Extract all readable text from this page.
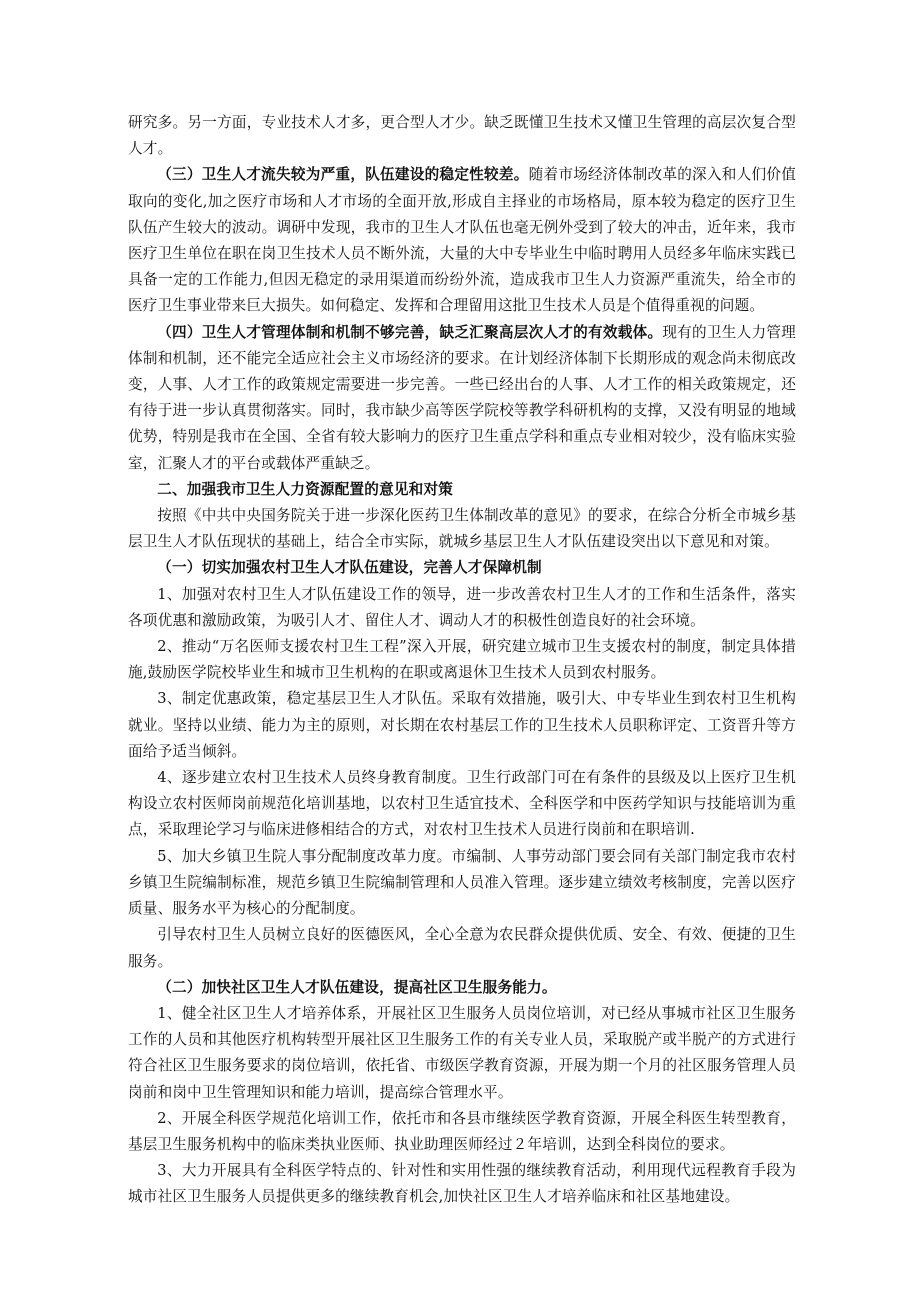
研究多。另一方面，专业技术人才多，更合型人才少。缺乏既懂卫生技术又懂卫生管理的高层次复合型人才。

（三）卫生人才流失较为严重，队伍建设的稳定性较差。随着市场经济体制改革的深入和人们价值取向的变化,加之医疗市场和人才市场的全面开放,形成自主择业的市场格局，原本较为稳定的医疗卫生队伍产生较大的波动。调研中发现，我市的卫生人才队伍也毫无例外受到了较大的冲击，近年来，我市医疗卫生单位在职在岗卫生技术人员不断外流，大量的大中专毕业生中临时聘用人员经多年临床实践已具备一定的工作能力,但因无稳定的录用渠道而纷纷外流，造成我市卫生人力资源严重流失，给全市的医疗卫生事业带来巨大损失。如何稳定、发挥和合理留用这批卫生技术人员是个值得重视的问题。

（四）卫生人才管理体制和机制不够完善，缺乏汇聚高层次人才的有效载体。现有的卫生人力管理体制和机制，还不能完全适应社会主义市场经济的要求。在计划经济体制下长期形成的观念尚未彻底改变，人事、人才工作的政策规定需要进一步完善。一些已经出台的人事、人才工作的相关政策规定，还有待于进一步认真贯彻落实。同时，我市缺少高等医学院校等教学科研机构的支撑，又没有明显的地域优势，特别是我市在全国、全省有较大影响力的医疗卫生重点学科和重点专业相对较少，没有临床实验室，汇聚人才的平台或载体严重缺乏。

二、加强我市卫生人力资源配置的意见和对策

按照《中共中央国务院关于进一步深化医药卫生体制改革的意见》的要求，在综合分析全市城乡基层卫生人才队伍现状的基础上，结合全市实际，就城乡基层卫生人才队伍建设突出以下意见和对策。

（一）切实加强农村卫生人才队伍建设，完善人才保障机制

1、加强对农村卫生人才队伍建设工作的领导，进一步改善农村卫生人才的工作和生活条件，落实各项优惠和激励政策，为吸引人才、留住人才、调动人才的积极性创造良好的社会环境。

2、推动“万名医师支援农村卫生工程”深入开展，研究建立城市卫生支援农村的制度，制定具体措施,鼓励医学院校毕业生和城市卫生机构的在职或离退休卫生技术人员到农村服务。

3、制定优惠政策，稳定基层卫生人才队伍。采取有效措施，吸引大、中专毕业生到农村卫生机构就业。坚持以业绩、能力为主的原则，对长期在农村基层工作的卫生技术人员职称评定、工资晋升等方面给予适当倾斜。

4、逐步建立农村卫生技术人员终身教育制度。卫生行政部门可在有条件的县级及以上医疗卫生机构设立农村医师岗前规范化培训基地，以农村卫生适宜技术、全科医学和中医药学知识与技能培训为重点，采取理论学习与临床进修相结合的方式，对农村卫生技术人员进行岗前和在职培训.

5、加大乡镇卫生院人事分配制度改革力度。市编制、人事劳动部门要会同有关部门制定我市农村乡镇卫生院编制标准，规范乡镇卫生院编制管理和人员准入管理。逐步建立绩效考核制度，完善以医疗质量、服务水平为核心的分配制度。

引导农村卫生人员树立良好的医德医风，全心全意为农民群众提供优质、安全、有效、便捷的卫生服务。

（二）加快社区卫生人才队伍建设，提高社区卫生服务能力。

1、健全社区卫生人才培养体系，开展社区卫生服务人员岗位培训，对已经从事城市社区卫生服务工作的人员和其他医疗机构转型开展社区卫生服务工作的有关专业人员，采取脱产或半脱产的方式进行符合社区卫生服务要求的岗位培训，依托省、市级医学教育资源，开展为期一个月的社区服务管理人员岗前和岗中卫生管理知识和能力培训，提高综合管理水平。

2、开展全科医学规范化培训工作，依托市和各县市继续医学教育资源，开展全科医生转型教育，基层卫生服务机构中的临床类执业医师、执业助理医师经过２年培训，达到全科岗位的要求。

3、大力开展具有全科医学特点的、针对性和实用性强的继续教育活动，利用现代远程教育手段为城市社区卫生服务人员提供更多的继续教育机会,加快社区卫生人才培养临床和社区基地建设。
